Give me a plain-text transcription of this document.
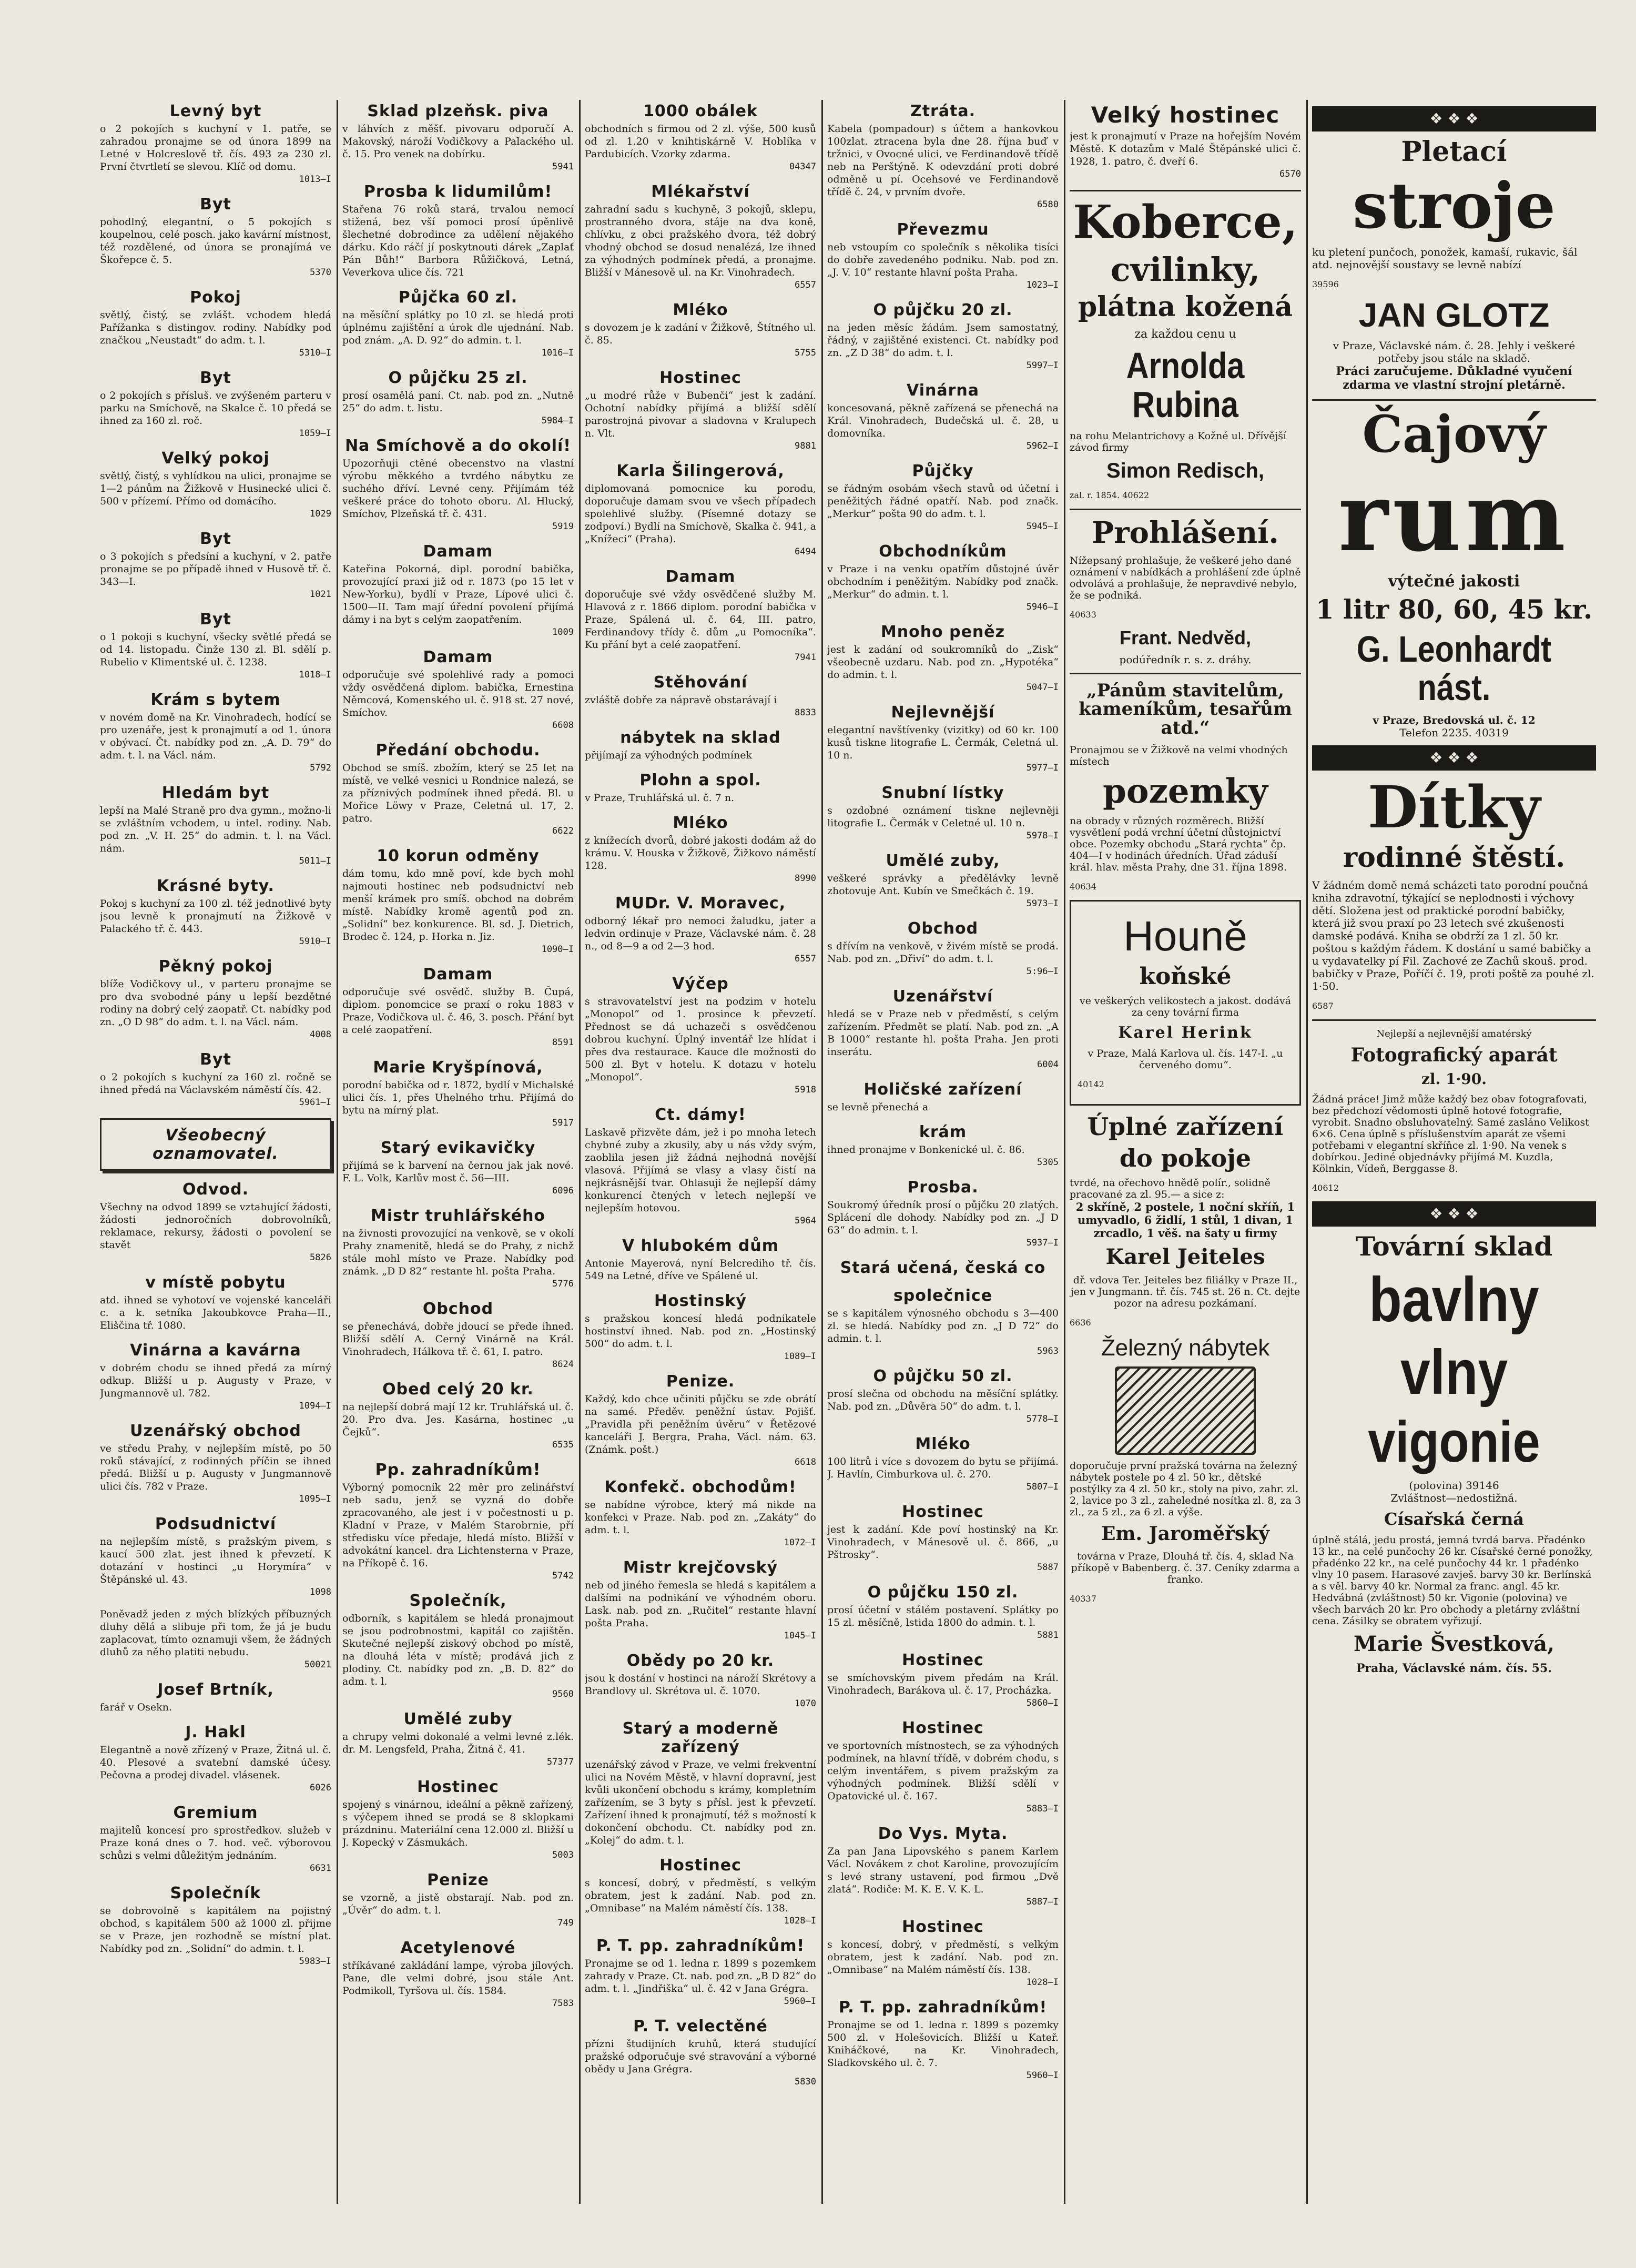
Levný byt

o 2 pokojích s kuchyní v 1. patře, se zahradou pronajme se od února 1899 na Letné v Holcreslově tř. čís. 493 za 230 zl. První čtvrtletí se slevou. Klíč od domu.

1013—I

Byt

pohodlný, elegantní, o 5 pokojích s koupelnou, celé posch. jako kavární místnost, též rozdělené, od února se pronajímá ve Škořepce č. 5.

5370

Pokoj

světlý, čistý, se zvlášt. vchodem hledá Pařížanka s distingov. rodiny. Nabídky pod značkou „Neustadt“ do adm. t. l.

5310—I

Byt

o 2 pokojích s přísluš. ve zvýšeném parteru v parku na Smíchově, na Skalce č. 10 předá se ihned za 160 zl. roč.

1059—I

Velký pokoj

světlý, čistý, s vyhlídkou na ulici, pronajme se 1—2 pánům na Žižkově v Husinecké ulici č. 500 v přízemí. Přímo od domácího.

1029

Byt

o 3 pokojích s předsíní a kuchyní, v 2. patře pronajme se po případě ihned v Husově tř. č. 343—I.

1021

Byt

o 1 pokoji s kuchyní, všecky světlé předá se od 14. listopadu. Činže 130 zl. Bl. sdělí p. Rubelio v Klimentské ul. č. 1238.

1018—I

Krám s bytem

v novém domě na Kr. Vinohradech, hodící se pro uzenáře, jest k pronajmutí a od 1. února v obývací. Čt. nabídky pod zn. „A. D. 79“ do adm. t. l. na Václ. nám.

5792

Hledám byt

lepší na Malé Straně pro dva gymn., možno-li se zvláštním vchodem, u intel. rodiny. Nab. pod zn. „V. H. 25“ do admin. t. l. na Václ. nám.

5011—I

Krásné byty.

Pokoj s kuchyní za 100 zl. též jednotlivé byty jsou levně k pronajmutí na Žižkově v Palackého tř. č. 443.

5910—I

Pěkný pokoj

blíže Vodičkovy ul., v parteru pronajme se pro dva svobodné pány u lepší bezdětné rodiny na dobrý celý zaopatř. Ct. nabídky pod zn. „O D 98“ do adm. t. l. na Václ. nám.

4008

Byt

o 2 pokojích s kuchyní za 160 zl. ročně se ihned předá na Václavském náměstí čís. 42.

5961—I

Všeobecný oznamovatel.
Odvod.

Všechny na odvod 1899 se vztahující žádosti, žádosti jednoročních dobrovolníků, reklamace, rekursy, žádosti o povolení se stavět

5826

v místě pobytu

atd. ihned se vyhotoví ve vojenské kanceláři c. a k. setníka Jakoubkovce Praha—II., Eliščina tř. 1080.

Vinárna a kavárna

v dobrém chodu se ihned předá za mírný odkup. Bližší u p. Augusty v Praze, v Jungmannově ul. 782.

1094—I

Uzenářský obchod

ve středu Prahy, v nejlepším místě, po 50 roků stávající, z rodinných příčin se ihned předá. Bližší u p. Augusty v Jungmannově ulici čís. 782 v Praze.

1095—I

Podsudnictví

na nejlepším místě, s pražským pivem, s kaucí 500 zlat. jest ihned k převzetí. K dotazání v hostinci „u Horymíra“ v Štěpánské ul. 43.

1098

Poněvadž jeden z mých blízkých příbuzných dluhy dělá a slibuje při tom, že já je budu zaplacovat, tímto oznamuji všem, že žádných dluhů za něho platiti nebudu.

50021

Josef Brtník,

farář v Osekn.

J. Hakl

Elegantně a nově zřízený v Praze, Žitná ul. č. 40. Plesové a svatební damské účesy. Pečovna a prodej divadel. vlásenek.

6026

Gremium

majitelů koncesí pro sprostředkov. služeb v Praze koná dnes o 7. hod. več. výborovou schůzi s velmi důležitým jednáním.

6631

Společník

se dobrovolně s kapitálem na pojistný obchod, s kapitálem 500 až 1000 zl. přijme se v Praze, jen rozhodně se místní plat. Nabídky pod zn. „Solidní“ do admin. t. l.

5983—I

Sklad plzeňsk. piva

v láhvích z měšť. pivovaru odporučí A. Makovský, nároží Vodičkovy a Palackého ul. č. 15. Pro venek na dobírku.

5941

Prosba k lidumilům!

Stařena 76 roků stará, trvalou nemocí stižená, bez vší pomoci prosí úpěnlivě šlechetné dobrodince za udělení nějakého dárku. Kdo ráčí jí poskytnouti dárek „Zaplať Pán Bůh!“ Barbora Růžičková, Letná, Veverkova ulice čís. 721

Půjčka 60 zl.

na měsíční splátky po 10 zl. se hledá proti úplnému zajištění a úrok dle ujednání. Nab. pod znám. „A. D. 92“ do admin. t. l.

1016—I

O půjčku 25 zl.

prosí osamělá paní. Ct. nab. pod zn. „Nutně 25“ do adm. t. listu.

5984—I

Na Smíchově a do okolí!

Upozorňuji ctěné obecenstvo na vlastní výrobu měkkého a tvrdého nábytku ze suchého dříví. Levné ceny. Přijímám též veškeré práce do tohoto oboru. Al. Hlucký, Smíchov, Plzeňská tř. č. 431.

5919

Damam

Kateřina Pokorná, dipl. porodní babička, provozující praxi již od r. 1873 (po 15 let v New-Yorku), bydlí v Praze, Lípové ulici č. 1500—II. Tam mají úřední povolení přijímá dámy i na byt s celým zaopatřením.

1009

Damam

odporučuje své spolehlivé rady a pomoci vždy osvědčená diplom. babička, Ernestina Němcová, Komenského ul. č. 918 st. 27 nové, Smíchov.

6608

Předání obchodu.

Obchod se smíš. zbožím, který se 25 let na místě, ve velké vesnici u Rondnice nalezá, se za příznivých podmínek ihned předá. Bl. u Mořice Löwy v Praze, Celetná ul. 17, 2. patro.

6622

10 korun odměny

dám tomu, kdo mně poví, kde bych mohl najmouti hostinec neb podsudnictví neb menší krámek pro smíš. obchod na dobrém místě. Nabídky kromě agentů pod zn. „Solidní“ bez konkurence. Bl. sd. J. Dietrich, Brodec č. 124, p. Horka n. Jiz.

1090—I

Damam

odporučuje své osvědč. služby B. Čupá, diplom. ponomcice se praxí o roku 1883 v Praze, Vodičkova ul. č. 46, 3. posch. Přání byt a celé zaopatření.

8591

Marie Kryšpínová,

porodní babička od r. 1872, bydlí v Michalské ulici čís. 1, přes Uhelného trhu. Přijímá do bytu na mírný plat.

5917

Starý evikavičky

přijímá se k barvení na černou jak jak nové. F. L. Volk, Karlův most č. 56—III.

6096

Mistr truhlářského

na živnosti provozující na venkově, se v okolí Prahy znamenitě, hledá se do Prahy, z nichž stále mohl místo ve Praze. Nabídky pod známk. „D D 82“ restante hl. pošta Praha.

5776

Obchod

se přenechává, dobře jdoucí se přede ihned. Bližší sdělí A. Cerný Vinárně na Král. Vinohradech, Hálkova tř. č. 61, I. patro.

8624

Obed celý 20 kr.

na nejlepší dobrá mají 12 kr. Truhlářská ul. č. 20. Pro dva. Jes. Kasárna, hostinec „u Čejků“.

6535

Pp. zahradníkům!

Výborný pomocník 22 měr pro zelinářství neb sadu, jenž se vyzná do dobře zpracovaného, ale jest i v počestnosti u p. Kladní v Praze, v Malém Starobrnie, pří středisku více předaje, hledá místo. Bližší v advokátní kancel. dra Lichtensterna v Praze, na Příkopě č. 16.

5742

Společník,

odborník, s kapitálem se hledá pronajmout se jsou podrobnostmi, kapitál co zajištěn. Skutečné nejlepší ziskový obchod po místě, na dlouhá léta v místě; prodává jich z plodiny. Ct. nabídky pod zn. „B. D. 82“ do adm. t. l.

9560

Umělé zuby

a chrupy velmi dokonalé a velmi levné z.lék. dr. M. Lengsfeld, Praha, Žitná č. 41.

57377

Hostinec

spojený s vinárnou, ideální a pěkně zařízený, s výčepem ihned se prodá se 8 sklopkami prázdninu. Materiální cena 12.000 zl. Bližší u J. Kopecký v Zásmukách.

5003

Penize

se vzorně, a jistě obstarají. Nab. pod zn. „Úvěr“ do adm. t. l.

749

Acetylenové

stříkávané zakládání lampe, výroba jílových. Pane, dle velmi dobré, jsou stále Ant. Podmikoll, Tyršova ul. čís. 1584.

7583

1000 obálek

obchodních s firmou od 2 zl. výše, 500 kusů od zl. 1.20 v knihtiskárně V. Hoblíka v Pardubicích. Vzorky zdarma.

04347

Mlékařství

zahradní sadu s kuchyně, 3 pokojů, sklepu, prostranného dvora, stáje na dva koně, chlívku, z obci pražského dvora, též dobrý vhodný obchod se dosud nenalézá, lze ihned za výhodných podmínek předá, a pronajme. Bližší v Mánesově ul. na Kr. Vinohradech.

6557

Mléko

s dovozem je k zadání v Žižkově, Štítného ul. č. 85.

5755

Hostinec

„u modré růže v Bubenči“ jest k zadání. Ochotní nabídky přijímá a bližší sdělí parostrojná pivovar a sladovna v Kralupech n. Vlt.

9881

Karla Šilingerová,

diplomovaná pomocnice ku porodu, doporučuje damam svou ve všech případech spolehlivé služby. (Písemné dotazy se zodpoví.) Bydlí na Smíchově, Skalka č. 941, a „Knížeci“ (Praha).

6494

Damam

doporučuje své vždy osvědčené služby M. Hlavová z r. 1866 diplom. porodní babička v Praze, Spálená ul. č. 64, III. patro, Ferdinandovy třídy č. dům „u Pomocníka“. Ku přání byt a celé zaopatření.

7941

Stěhování

zvláště dobře za nápravě obstarávají i

8833

nábytek na sklad

přijímají za výhodných podmínek

Plohn a spol.

v Praze, Truhlářská ul. č. 7 n.

Mléko

z knížecích dvorů, dobré jakosti dodám až do krámu. V. Houska v Žižkově, Žižkovo náměstí 128.

8990

MUDr. V. Moravec,

odborný lékař pro nemoci žaludku, jater a ledvin ordinuje v Praze, Václavské nám. č. 28 n., od 8—9 a od 2—3 hod.

6557

Výčep

s stravovatelství jest na podzim v hotelu „Monopol“ od 1. prosince k převzetí. Přednost se dá uchazeči s osvědčenou dobrou kuchyní. Úplný inventář lze hlídat i přes dva restaurace. Kauce dle možnosti do 500 zl. Byt v hotelu. K dotazu v hotelu „Monopol“.

5918

Ct. dámy!

Laskavě přizvěte dám, jež i po mnoha letech chybné zuby a zkusily, aby u nás vždy svým, zaoblila jesen již žádná nejhodná novější vlasová. Přijímá se vlasy a vlasy čistí na nejkrásnější tvar. Ohlasuji že nejlepší dámy konkurencí čtených v letech nejlepší ve nejlepším hotovou.

5964

V hlubokém dům

Antonie Mayerová, nyní Belcrediho tř. čís. 549 na Letné, dříve ve Spálené ul.

Hostinský

s pražskou koncesí hledá podnikatele hostinství ihned. Nab. pod zn. „Hostinský 500“ do adm. t. l.

1089—I

Penize.

Každý, kdo chce učiniti půjčku se zde obrátí na samé. Předěv. peněžní ústav. Pojišť. „Pravidla při peněžním úvěru“ v Řetězové kanceláři J. Bergra, Praha, Václ. nám. 63. (Známk. pošt.)

6618

Konfekč. obchodům!

se nabídne výrobce, který má nikde na konfekci v Praze. Nab. pod zn. „Zakáty“ do adm. t. l.

1072—I

Mistr krejčovský

neb od jiného řemesla se hledá s kapitálem a dalšími na podnikání ve výhodném oboru. Lask. nab. pod zn. „Ručitel“ restante hlavní pošta Praha.

1045—I

Obědy po 20 kr.

jsou k dostání v hostinci na nároží Skrétovy a Brandlovy ul. Skrétova ul. č. 1070.

1070

Starý a moderně zařízený

uzenářský závod v Praze, ve velmi frekventní ulici na Novém Městě, v hlavní dopravní, jest kvůli ukončení obchodu s krámy, kompletním zařízením, se 3 byty s přísl. jest k převzetí. Zařízení ihned k pronajmutí, též s možností k dokončení obchodu. Ct. nabídky pod zn. „Kolej“ do adm. t. l.

Hostinec

s koncesí, dobrý, v předměstí, s velkým obratem, jest k zadání. Nab. pod zn. „Omnibase“ na Malém náměstí čís. 138.

1028—I

P. T. pp. zahradníkům!

Pronajme se od 1. ledna r. 1899 s pozemkem zahrady v Praze. Ct. nab. pod zn. „B D 82“ do adm. t. l. „Jindřiška“ ul. č. 42 v Jana Grégra.

5960—I

P. T. velectěné

přízni študijních kruhů, která studující pražské odporučuje své stravování a výborné obědy u Jana Grégra.

5830

Ztráta.

Kabela (pompadour) s účtem a hankovkou 100zlat. ztracena byla dne 28. října buď v tržnici, v Ovocné ulici, ve Ferdinandově třídě neb na Perštýně. K odevzdání proti dobré odměně u pí. Ocehsové ve Ferdinandově třídě č. 24, v prvním dvoře.

6580

Převezmu

neb vstoupím co společník s několika tisíci do dobře zavedeného podniku. Nab. pod zn. „J. V. 10“ restante hlavní pošta Praha.

1023—I

O půjčku 20 zl.

na jeden měsíc žádám. Jsem samostatný, řádný, v zajištěné existenci. Ct. nabídky pod zn. „Z D 38“ do adm. t. l.

5997—I

Vinárna

koncesovaná, pěkně zařízená se přenechá na Král. Vinohradech, Budečská ul. č. 28, u domovníka.

5962—I

Půjčky

se řádným osobám všech stavů od účetní i peněžitých řádné opatří. Nab. pod značk. „Merkur“ pošta 90 do adm. t. l.

5945—I

Obchodníkům

v Praze i na venku opatřím důstojné úvěr obchodním i peněžitým. Nabídky pod značk. „Merkur“ do admin. t. l.

5946—I

Mnoho peněz

jest k zadání od soukromníků do „Zisk“ všeobecně uzdaru. Nab. pod zn. „Hypotéka“ do admin. t. l.

5047—I

Nejlevnější

elegantní navštívenky (vizitky) od 60 kr. 100 kusů tiskne litografie L. Čermák, Celetná ul. 10 n.

5977—I

Snubní lístky

s ozdobné oznámení tiskne nejlevněji litografie L. Čermák v Celetné ul. 10 n.

5978—I

Umělé zuby,

veškeré správky a předělávky levně zhotovuje Ant. Kubín ve Smečkách č. 19.

5973—I

Obchod

s dřívím na venkově, v živém místě se prodá. Nab. pod zn. „Dřiví“ do adm. t. l.

5:96—I

Uzenářství

hledá se v Praze neb v předměstí, s celým zařízením. Předmět se platí. Nab. pod zn. „A B 1000“ restante hl. pošta Praha. Jen proti inserátu.

6004

Holičské zařízení

se levně přenechá a

krám

ihned pronajme v Bonkenické ul. č. 86.

5305

Prosba.

Soukromý úředník prosí o půjčku 20 zlatých. Splácení dle dohody. Nabídky pod zn. „J D 63“ do admin. t. l.

5937—I

Stará učená, česká co
společnice

se s kapitálem výnosného obchodu s 3—400 zl. se hledá. Nabídky pod zn. „J D 72“ do admin. t. l.

5963

O půjčku 50 zl.

prosí slečna od obchodu na měsíční splátky. Nab. pod zn. „Důvěra 50“ do adm. t. l.

5778—I

Mléko

100 litrů i více s dovozem do bytu se přijímá. J. Havlín, Cimburkova ul. č. 270.

5807—I

Hostinec

jest k zadání. Kde poví hostinský na Kr. Vinohradech, v Mánesově ul. č. 866, „u Pštrosky“.

5887

O půjčku 150 zl.

prosí účetní v stálém postavení. Splátky po 15 zl. měsíčně, lstida 1800 do admin. t. l.

5881

Hostinec

se smíchovským pivem předám na Král. Vinohradech, Barákova ul. č. 17, Procházka.

5860—I

Hostinec

ve sportovních místnostech, se za výhodných podmínek, na hlavní třídě, v dobrém chodu, s celým inventářem, s pivem pražským za výhodných podmínek. Bližší sdělí v Opatovické ul. č. 167.

5883—I

Do Vys. Myta.

Za pan Jana Lipovského s panem Karlem Václ. Novákem z chot Karoline, provozujícím s levé strany ustavení, pod firmou „Dvě zlatá“. Rodiče: M. K. E. V. K. L.

5887—I

Hostinec

s koncesí, dobrý, v předměstí, s velkým obratem, jest k zadání. Nab. pod zn. „Omnibase“ na Malém náměstí čís. 138.

1028—I

P. T. pp. zahradníkům!

Pronajme se od 1. ledna r. 1899 s pozemky 500 zl. v Holešovicích. Bližší u Kateř. Kniháčkové, na Kr. Vinohradech, Sladkovského ul. č. 7.

5960—I

Velký hostinec

jest k pronajmutí v Praze na hořejším Novém Městě. K dotazům v Malé Štěpánské ulici č. 1928, 1. patro, č. dveří 6.

6570

Koberce,
cvilinky,
plátna kožená
za každou cenu u
Arnolda Rubina

na rohu Melantrichovy a Kožné ul. Dřívější závod firmy

Simon Redisch,

zal. r. 1854. 40622

Prohlášení.

Nížepsaný prohlašuje, že veškeré jeho dané oznámení v nabídkách a prohlášení zde úplně odvolává a prohlašuje, že nepravdivé nebylo, že se podniká.

40633

Frant. Nedvěd,
podúředník r. s. z. dráhy.
„Pánům stavitelům, kameníkům, tesařům atd.“

Pronajmou se v Žižkově na velmi vhodných místech

pozemky

na obrady v různých rozměrech. Bližší vysvětlení podá vrchní účetní důstojnictví obce. Pozemky obchodu „Stará rychta“ čp. 404—I v hodinách úředních. Úřad záduší král. hlav. města Prahy, dne 31. října 1898.

40634

Houně
koňské

ve veškerých velikostech a jakost. dodává za ceny tovární firma

Karel Herink

v Praze, Malá Karlova ul. čís. 147-I. „u červeného domu“.

40142

Úplné zařízení
do pokoje

tvrdé, na ořechovo hnědě polír., solidně pracované za zl. 95.— a sice z:

2 skříně, 2 postele, 1 noční skříň, 1 umyvadlo, 6 židlí, 1 stůl, 1 divan, 1 zrcadlo, 1 věš. na šaty u firmy

Karel Jeiteles

dř. vdova Ter. Jeiteles bez filiálky v Praze II., jen v Jungmann. tř. čís. 745 st. 26 n. Ct. dejte pozor na adresu pozkámaní.

6636

Železný nábytek

doporučuje první pražská továrna na železný nábytek postele po 4 zl. 50 kr., dětské postýlky za 4 zl. 50 kr., stoly na pivo, zahr. zl. 2, lavice po 3 zl., zaheledné nosítka zl. 8, za 3 zl., za 5 zl., za 6 zl. a výše.

Em. Jaroměřský

továrna v Praze, Dlouhá tř. čís. 4, sklad Na příkopě v Babenberg. č. 37. Ceníky zdarma a franko.

40337

❖ ❖ ❖
Pletací
stroje

ku pletení punčoch, ponožek, kamaší, rukavic, šál atd. nejnovější soustavy se levně nabízí

39596

JAN GLOTZ

v Praze, Václavské nám. č. 28. Jehly i veškeré potřeby jsou stále na skladě.

Práci zaručujeme. Důkladné vyučení zdarma ve vlastní strojní pletárně.

Čajový
rum
výtečné jakosti
1 litr 80, 60, 45 kr.
G. Leonhardt nást.

v Praze, Bredovská ul. č. 12

Telefon 2235. 40319

❖ ❖ ❖
Dítky
rodinné štěstí.

V žádném domě nemá scházeti tato porodní poučná kniha zdravotní, týkající se neplodnosti i výchovy dětí. Složena jest od praktické porodní babičky, která již svou praxí po 23 letech své zkušenosti damské podává. Kniha se obdrží za 1 zl. 50 kr. poštou s každým řádem. K dostání u samé babičky a u vydavatelky pí Fil. Zachové ze Zachů skouš. prod. babičky v Praze, Poříčí č. 19, proti poště za pouhé zl. 1·50.

6587

Nejlepší a nejlevnější amatérský

Fotografický aparát
zl. 1·90.

Žádná práce! Jimž může každý bez obav fotografovati, bez předchozí vědomosti úplně hotové fotografie, vyrobit. Snadno obsluhovatelný. Samé zasláno Velikost 6×6. Cena úplně s příslušenstvím aparát ze všemi potřebami v elegantní skříňce zl. 1·90. Na venek s dobírkou. Jediné objednávky přijímá M. Kuzdla, Kölnkin, Vídeň, Berggasse 8.

40612

❖ ❖ ❖
Tovární sklad
bavlny
vlny
vigonie

(polovina) 39146

Zvláštnost—nedostižná.

Císařská černá

úplně stálá, jedu prostá, jemná tvrdá barva. Přadénko 13 kr., na celé punčochy 26 kr. Císařské černé ponožky, přadénko 22 kr., na celé punčochy 44 kr. 1 přadénko vlny 10 pasem. Harasové zavješ. barvy 30 kr. Berlínská a s věl. barvy 40 kr. Normal za franc. angl. 45 kr. Hedvábná (zvláštnost) 50 kr. Vigonie (polovina) ve všech barvách 20 kr. Pro obchody a pletárny zvláštní cena. Zásilky se obratem vyřizují.

Marie Švestková,

Praha, Václavské nám. čís. 55.
